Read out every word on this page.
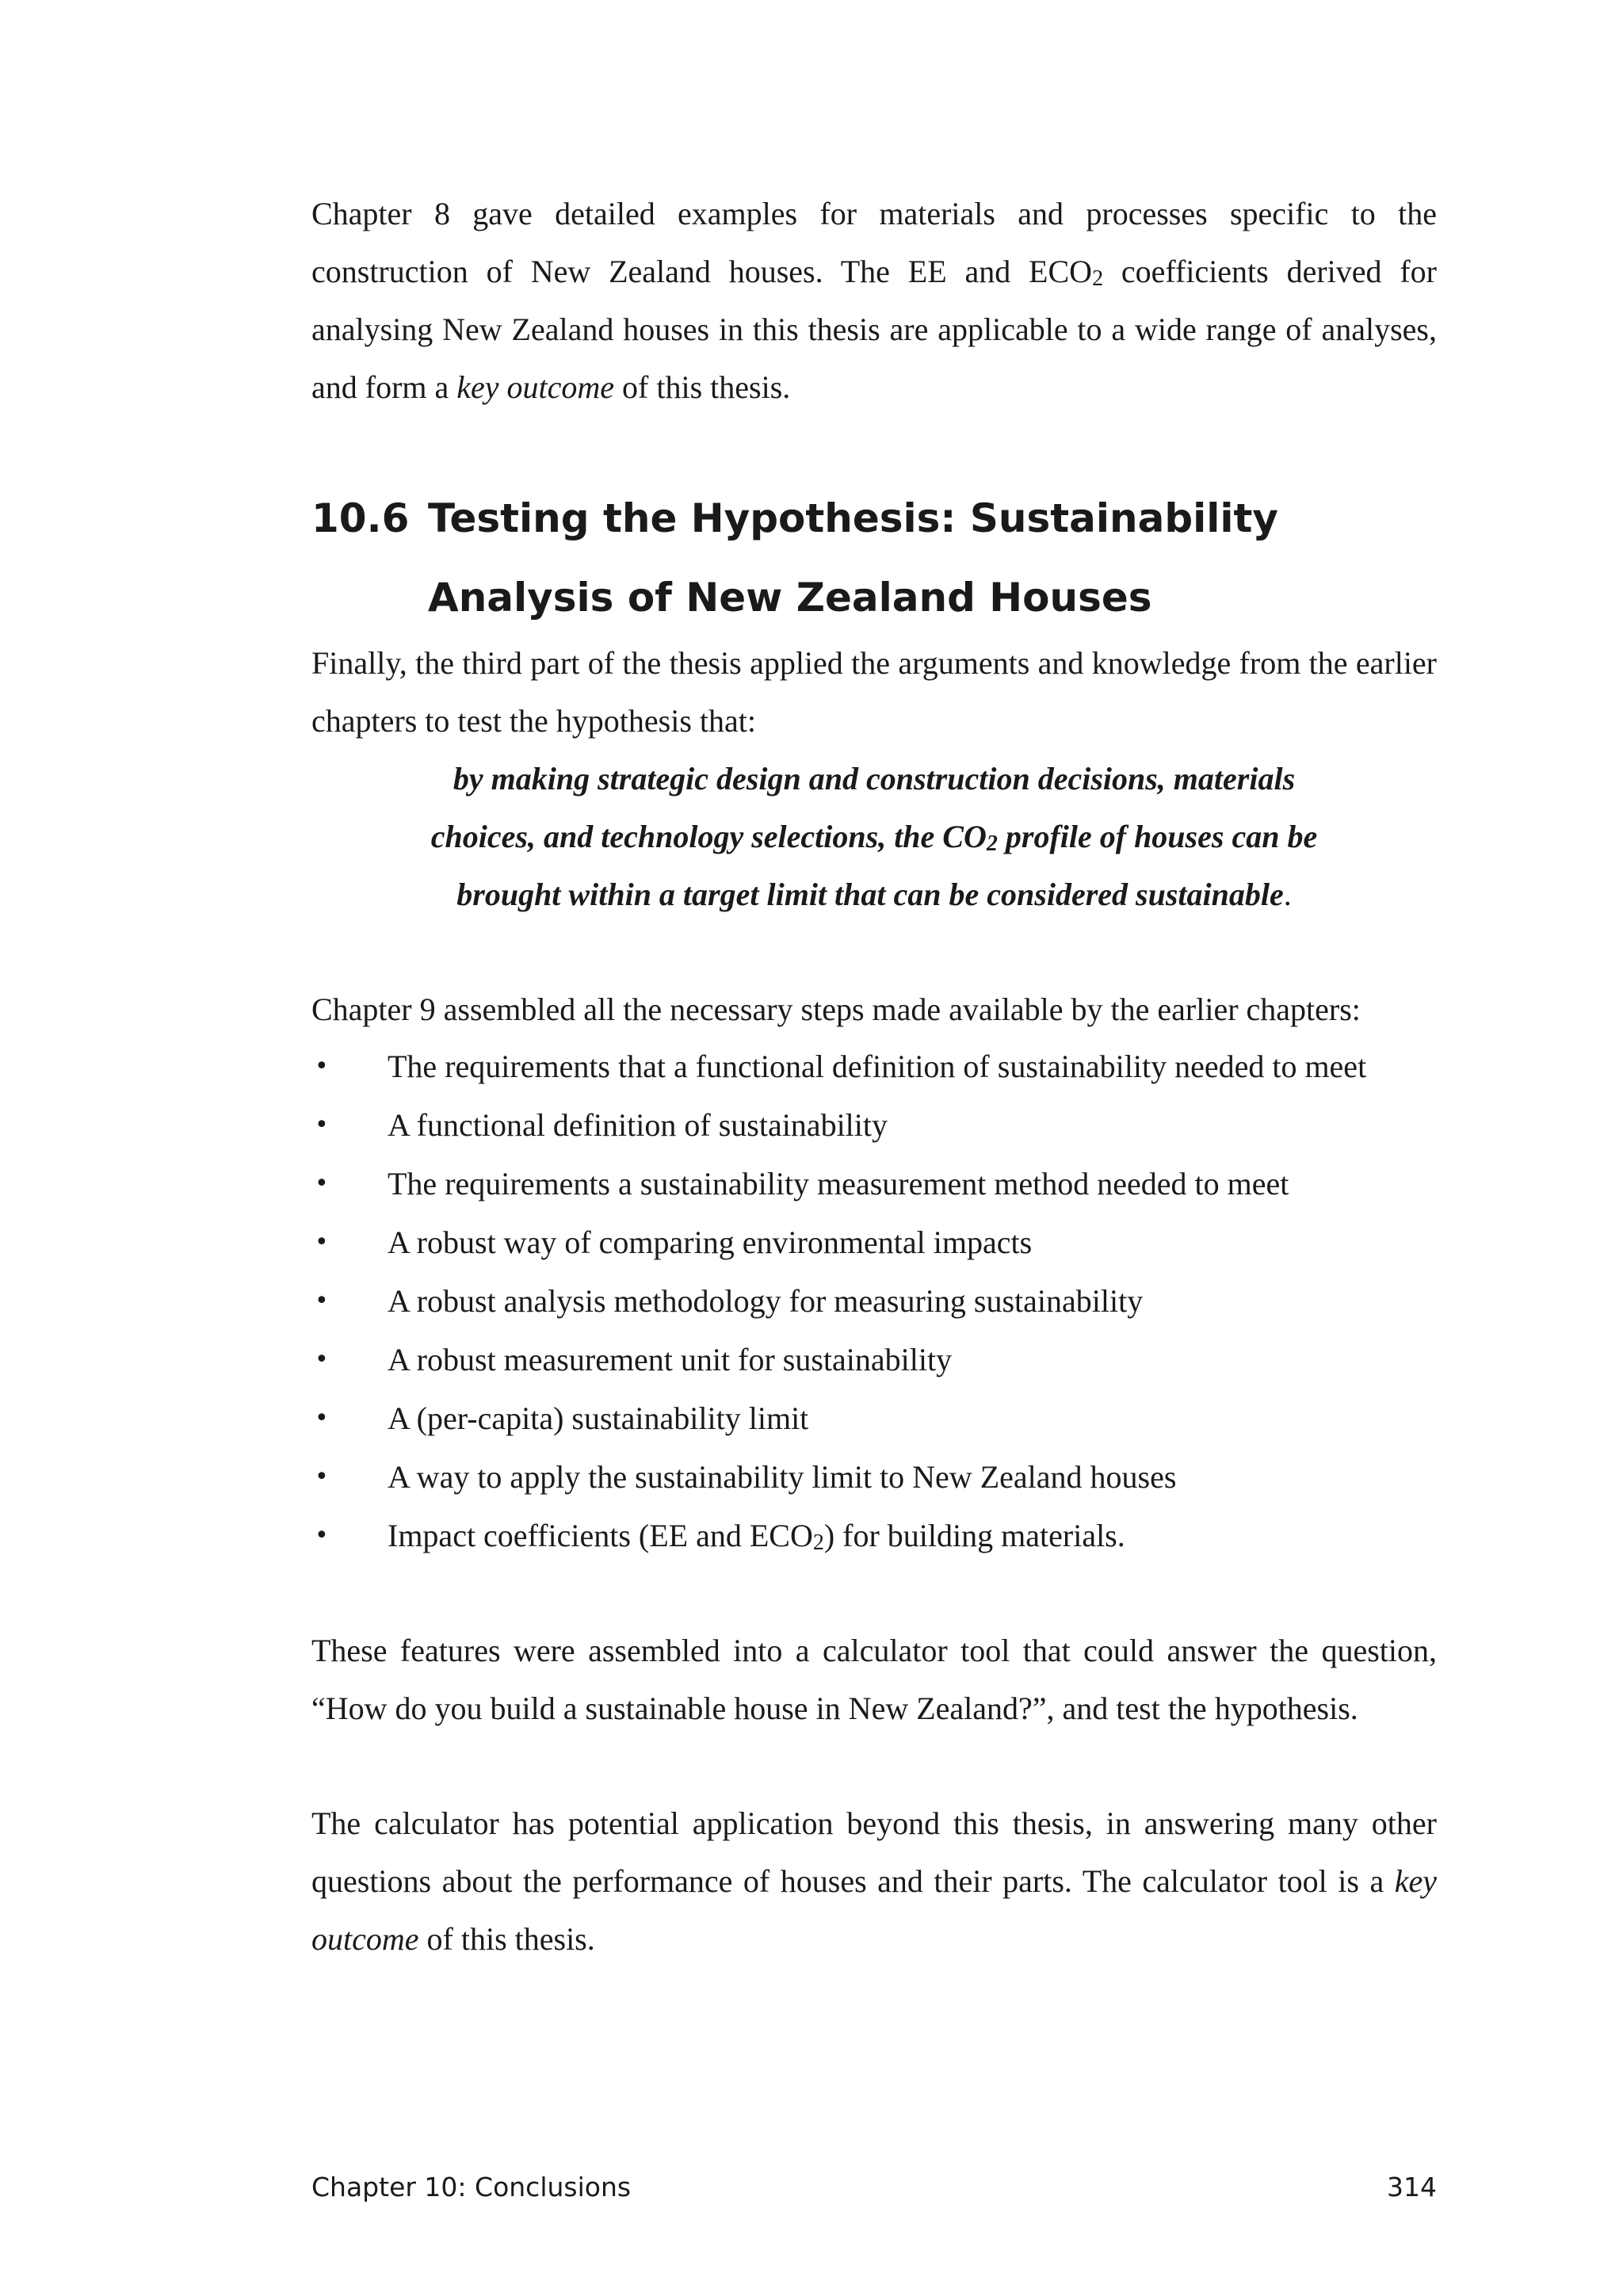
Chapter 8 gave detailed examples for materials and processes specific to the construction of New Zealand houses. The EE and $ECO_2$ coefficients derived for analysing New Zealand houses in this thesis are applicable to a wide range of analyses, and form a key outcome of this thesis.

10.6 Testing the Hypothesis: Sustainability Analysis of New Zealand Houses

Finally, the third part of the thesis applied the arguments and knowledge from the earlier chapters to test the hypothesis that:

by making strategic design and construction decisions, materials
choices, and technology selections, the $CO_2$ profile of houses can be
brought within a target limit that can be considered sustainable.

Chapter 9 assembled all the necessary steps made available by the earlier chapters:

• The requirements that a functional definition of sustainability needed to meet
• A functional definition of sustainability
• The requirements a sustainability measurement method needed to meet
• A robust way of comparing environmental impacts
• A robust analysis methodology for measuring sustainability
• A robust measurement unit for sustainability
• A (per-capita) sustainability limit
• A way to apply the sustainability limit to New Zealand houses
• Impact coefficients (EE and $ECO_2$) for building materials.

These features were assembled into a calculator tool that could answer the question, “How do you build a sustainable house in New Zealand?”, and test the hypothesis.

The calculator has potential application beyond this thesis, in answering many other questions about the performance of houses and their parts. The calculator tool is a key outcome of this thesis.

Chapter 10: Conclusions	314
